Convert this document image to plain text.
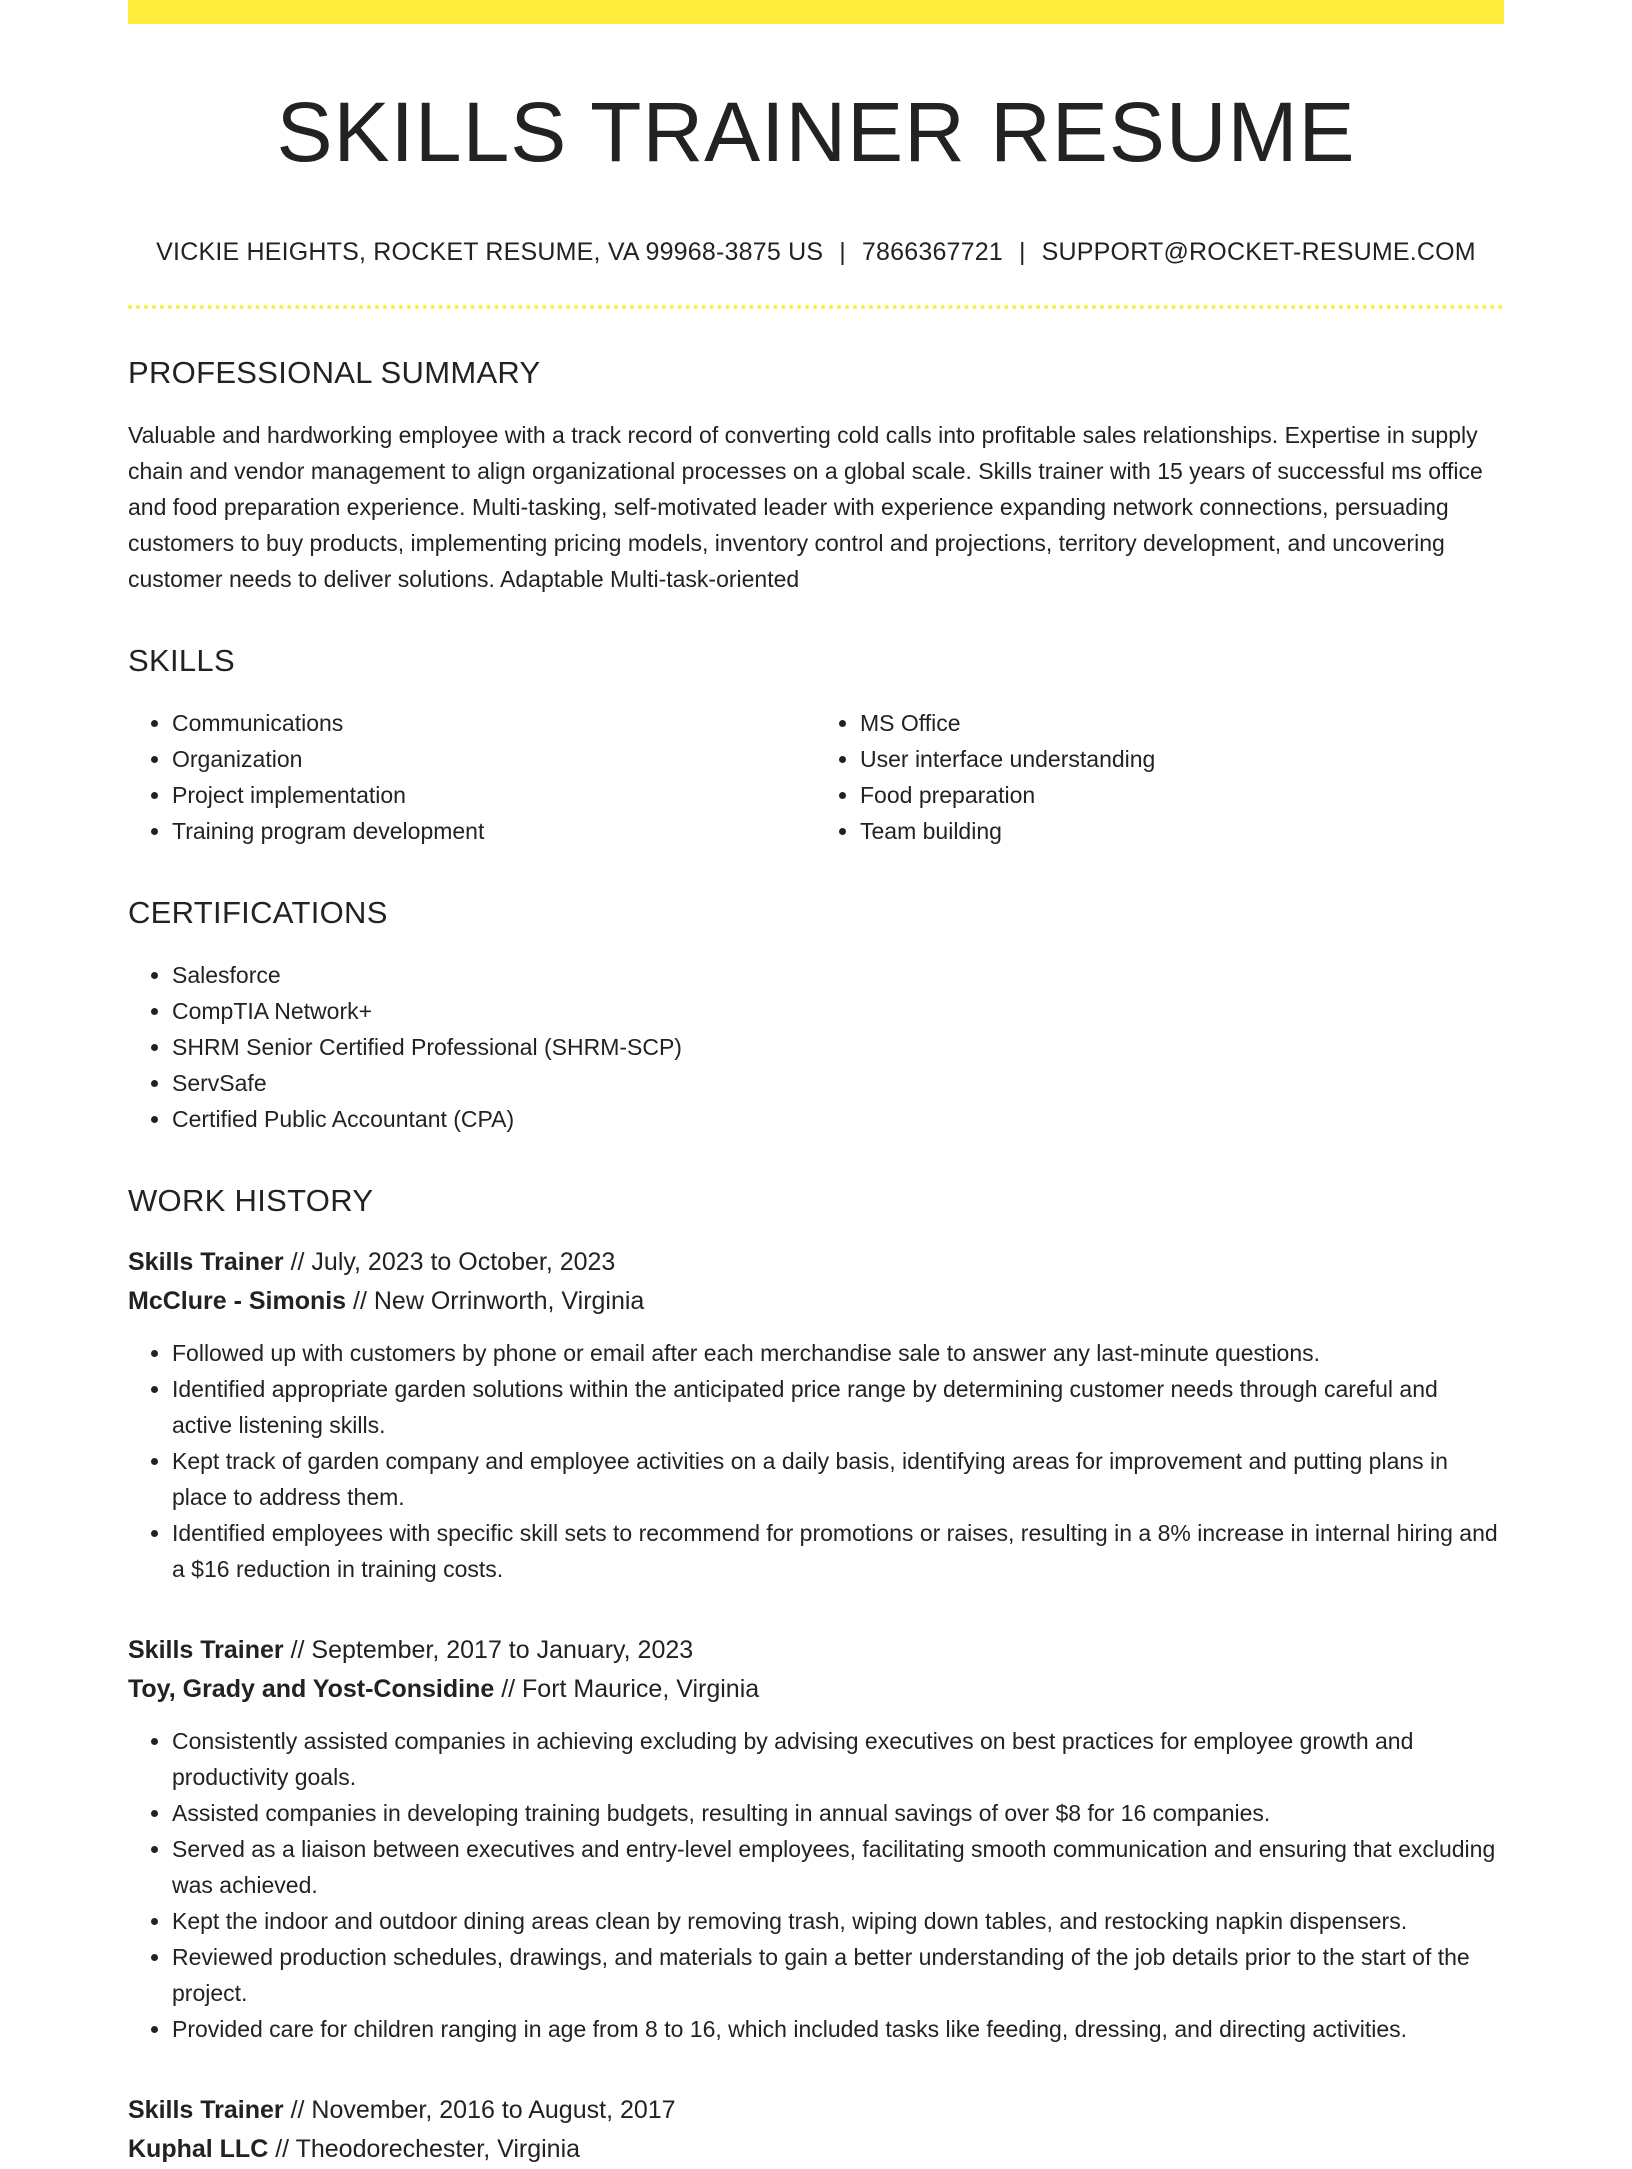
SKILLS TRAINER RESUME
VICKIE HEIGHTS, ROCKET RESUME, VA 99968-3875 US | 7866367721 | SUPPORT@ROCKET-RESUME.COM
PROFESSIONAL SUMMARY
Valuable and hardworking employee with a track record of converting cold calls into profitable sales relationships. Expertise in supply chain and vendor management to align organizational processes on a global scale. Skills trainer with 15 years of successful ms office and food preparation experience. Multi-tasking, self-motivated leader with experience expanding network connections, persuading customers to buy products, implementing pricing models, inventory control and projections, territory development, and uncovering customer needs to deliver solutions. Adaptable Multi-task-oriented
SKILLS
• Communications
• Organization
• Project implementation
• Training program development
• MS Office
• User interface understanding
• Food preparation
• Team building
CERTIFICATIONS
• Salesforce
• CompTIA Network+
• SHRM Senior Certified Professional (SHRM-SCP)
• ServSafe
• Certified Public Accountant (CPA)
WORK HISTORY
Skills Trainer // July, 2023 to October, 2023
McClure - Simonis // New Orrinworth, Virginia
• Followed up with customers by phone or email after each merchandise sale to answer any last-minute questions.
• Identified appropriate garden solutions within the anticipated price range by determining customer needs through careful and active listening skills.
• Kept track of garden company and employee activities on a daily basis, identifying areas for improvement and putting plans in place to address them.
• Identified employees with specific skill sets to recommend for promotions or raises, resulting in a 8% increase in internal hiring and a $16 reduction in training costs.
Skills Trainer // September, 2017 to January, 2023
Toy, Grady and Yost-Considine // Fort Maurice, Virginia
• Consistently assisted companies in achieving excluding by advising executives on best practices for employee growth and productivity goals.
• Assisted companies in developing training budgets, resulting in annual savings of over $8 for 16 companies.
• Served as a liaison between executives and entry-level employees, facilitating smooth communication and ensuring that excluding was achieved.
• Kept the indoor and outdoor dining areas clean by removing trash, wiping down tables, and restocking napkin dispensers.
• Reviewed production schedules, drawings, and materials to gain a better understanding of the job details prior to the start of the project.
• Provided care for children ranging in age from 8 to 16, which included tasks like feeding, dressing, and directing activities.
Skills Trainer // November, 2016 to August, 2017
Kuphal LLC // Theodorechester, Virginia
